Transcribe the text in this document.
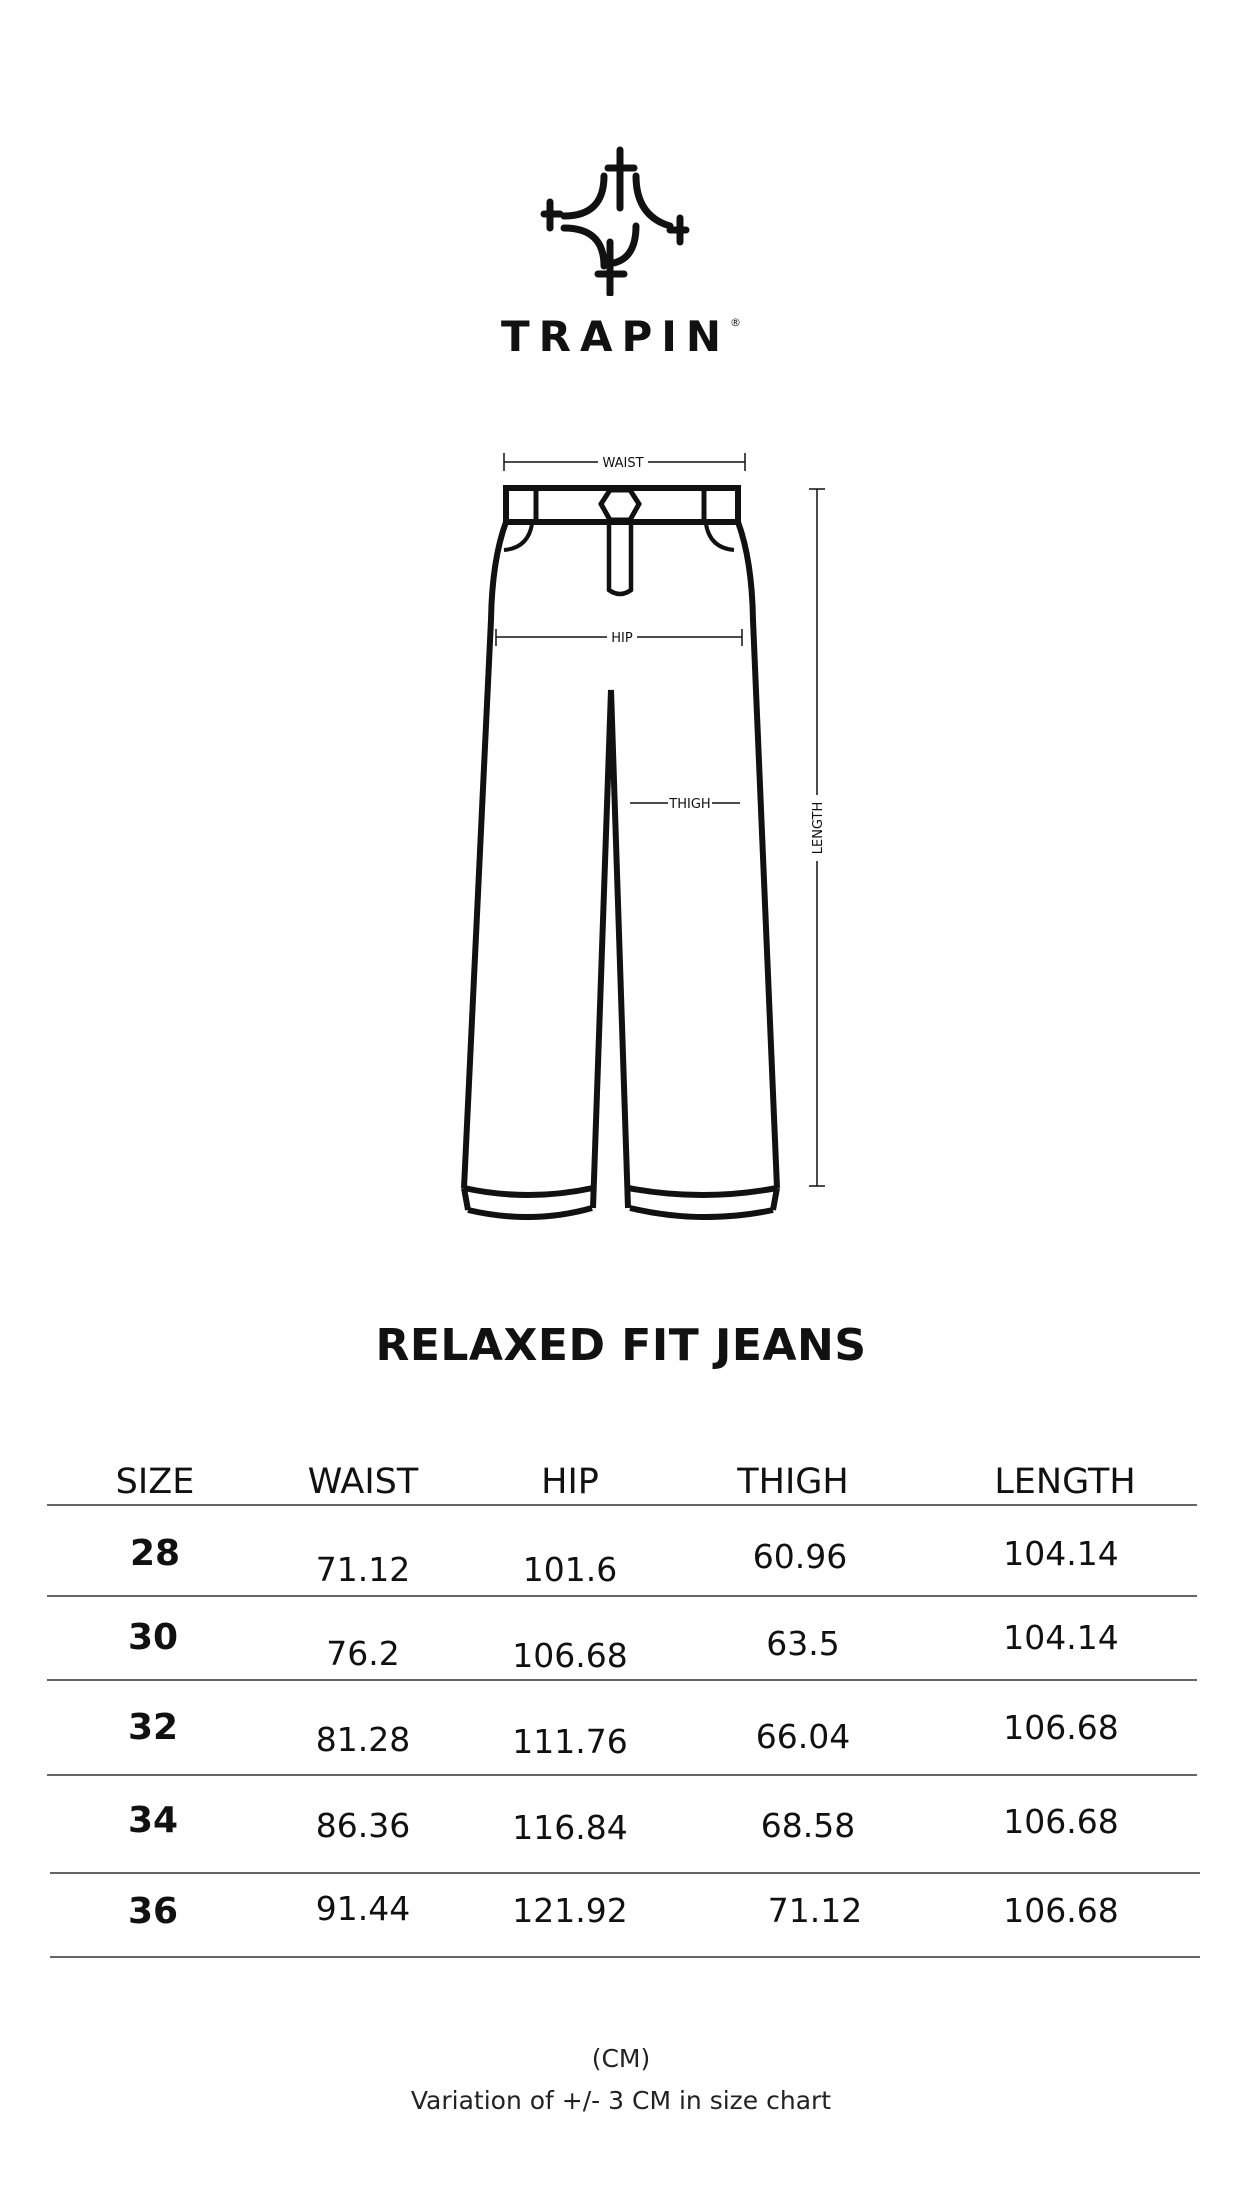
TRAPIN®
WAIST
HIP
THIGH	LENGTH
RELAXED FIT JEANS
SIZE	WAIST	HIP	THIGH	LENGTH
28	71.12	101.6	60.96	104.14
30	76.2	106.68	63.5	104.14
32	81.28	111.76	66.04	106.68
34	86.36	116.84	68.58	106.68
36	91.44	121.92	71.12	106.68
(CM)
Variation of +/- 3 CM in size chart
